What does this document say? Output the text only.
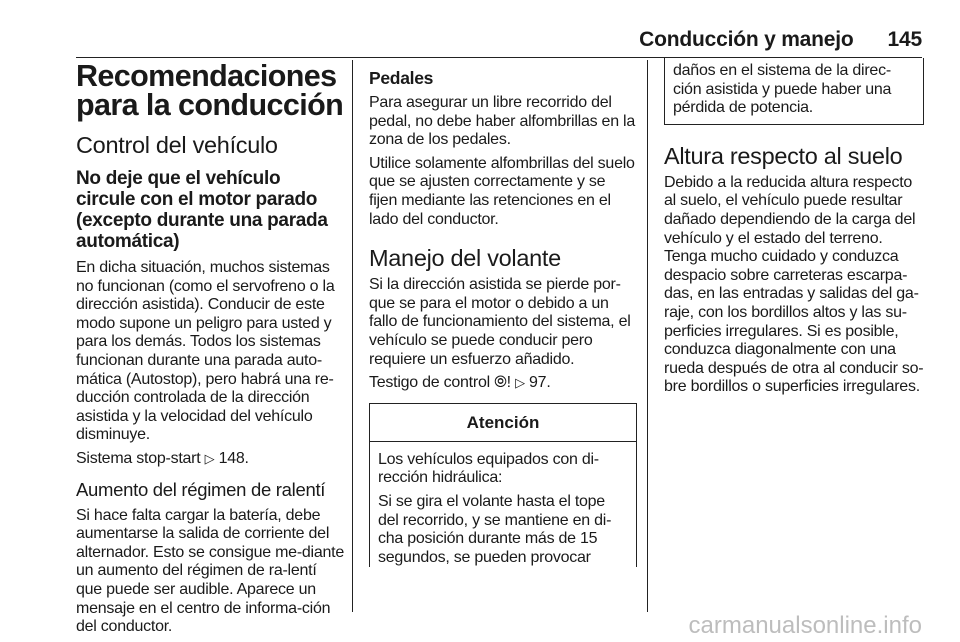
Conducción y manejo 145
Recomendaciones para la conducción
Control del vehículo
No deje que el vehículo circule con el motor parado (excepto durante una parada automática)

En dicha situación, muchos sistemas no funcionan (como el servofreno o la dirección asistida). Conducir de este modo supone un peligro para usted y para los demás. Todos los sistemas funcionan durante una parada auto-mática (Autostop), pero habrá una re-ducción controlada de la dirección asistida y la velocidad del vehículo disminuye.

Sistema stop-start ▷ 148.

Aumento del régimen de ralentí

Si hace falta cargar la batería, debe aumentarse la salida de corriente del alternador. Esto se consigue me-diante un aumento del régimen de ra-lentí que puede ser audible. Aparece un mensaje en el centro de informa-ción del conductor.

Pedales

Para asegurar un libre recorrido del pedal, no debe haber alfombrillas en la zona de los pedales.

Utilice solamente alfombrillas del suelo que se ajusten correctamente y se fijen mediante las retenciones en el lado del conductor.

Manejo del volante

Si la dirección asistida se pierde por-que se para el motor o debido a un fallo de funcionamiento del sistema, el vehículo se puede conducir pero requiere un esfuerzo añadido.

Testigo de control ⦾! ▷ 97.

Atención

Los vehículos equipados con di-rección hidráulica:

Si se gira el volante hasta el tope del recorrido, y se mantiene en di-cha posición durante más de 15 segundos, se pueden provocar

daños en el sistema de la direc-ción asistida y puede haber una pérdida de potencia.

Altura respecto al suelo

Debido a la reducida altura respecto al suelo, el vehículo puede resultar dañado dependiendo de la carga del vehículo y el estado del terreno. Tenga mucho cuidado y conduzca despacio sobre carreteras escarpa-das, en las entradas y salidas del ga-raje, con los bordillos altos y las su-perficies irregulares. Si es posible, conduzca diagonalmente con una rueda después de otra al conducir so-bre bordillos o superficies irregulares.

carmanualsonline.info
